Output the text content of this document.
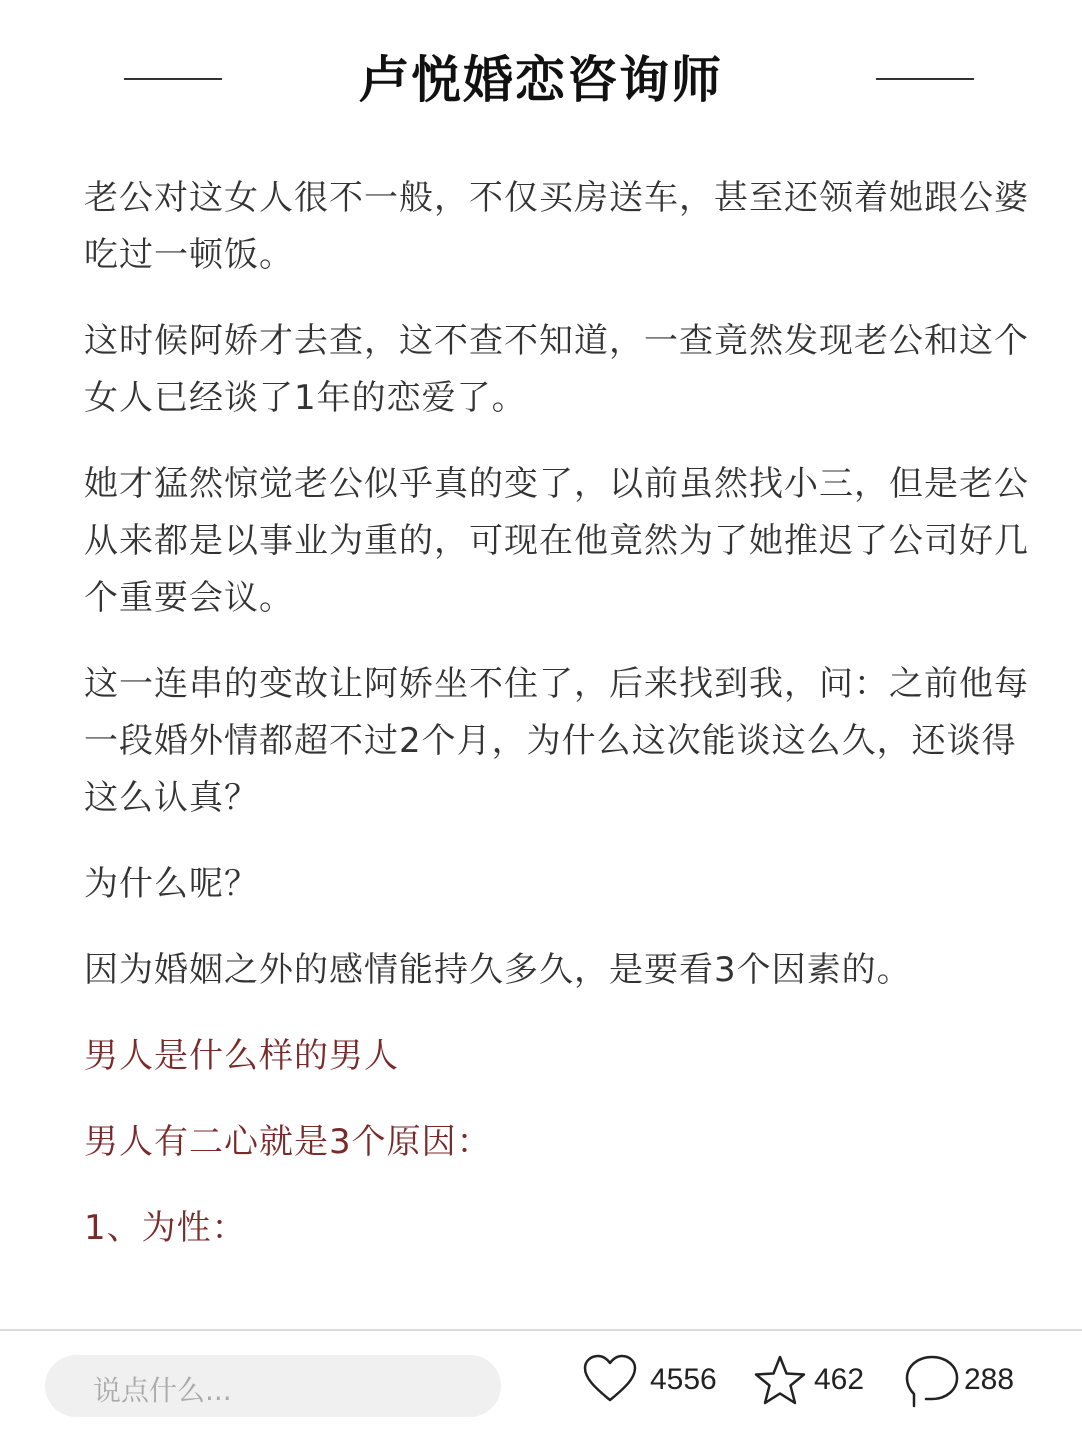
卢悦婚恋咨询师

老公对这女人很不一般，不仅买房送车，甚至还领着她跟公婆吃过一顿饭。

这时候阿娇才去查，这不查不知道，一查竟然发现老公和这个女人已经谈了1年的恋爱了。

她才猛然惊觉老公似乎真的变了，以前虽然找小三，但是老公从来都是以事业为重的，可现在他竟然为了她推迟了公司好几个重要会议。

这一连串的变故让阿娇坐不住了，后来找到我，问：之前他每一段婚外情都超不过2个月，为什么这次能谈这么久，还谈得这么认真？

为什么呢？

因为婚姻之外的感情能持久多久，是要看3个因素的。

男人是什么样的男人

男人有二心就是3个原因：

1、为性：

说点什么...	4556	462	288
